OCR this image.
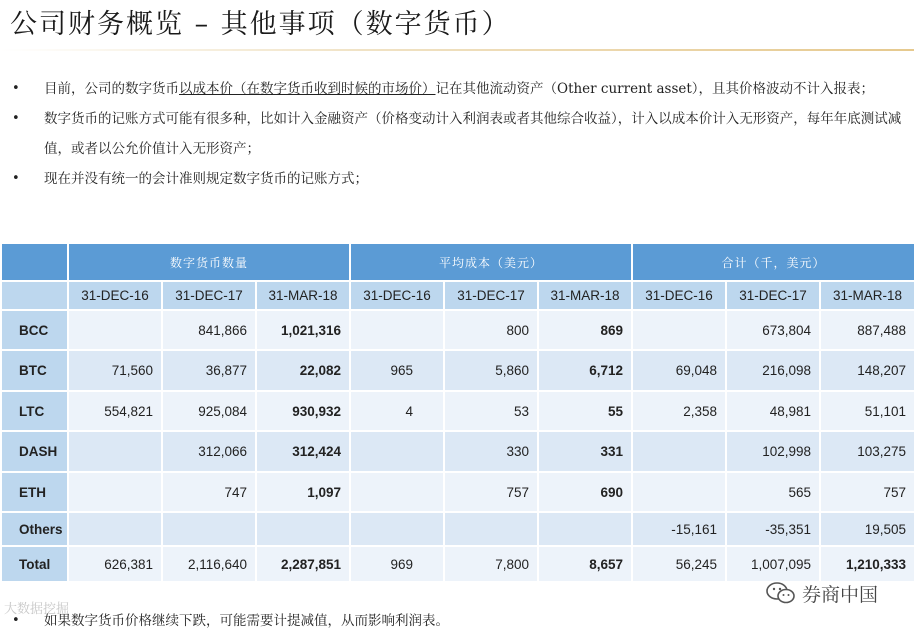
公司财务概览 – 其他事项（数字货币）
• 目前，公司的数字货币以成本价（在数字货币收到时候的市场价）记在其他流动资产（Other current asset），且其价格波动不计入报表；
• 数字货币的记账方式可能有很多种，比如计入金融资产（价格变动计入利润表或者其他综合收益），计入以成本价计入无形资产，每年年底测试减值，或者以公允价值计入无形资产；
• 现在并没有统一的会计准则规定数字货币的记账方式；
	数字货币数量			平均成本（美元）			合计（千，美元）		
	31-DEC-16	31-DEC-17	31-MAR-18	31-DEC-16	31-DEC-17	31-MAR-18	31-DEC-16	31-DEC-17	31-MAR-18
BCC		841,866	1,021,316		800	869		673,804	887,488
BTC	71,560	36,877	22,082	965	5,860	6,712	69,048	216,098	148,207
LTC	554,821	925,084	930,932	4	53	55	2,358	48,981	51,101
DASH		312,066	312,424		330	331		102,998	103,275
ETH		747	1,097		757	690		565	757
Others							-15,161	-35,351	19,505
Total	626,381	2,116,640	2,287,851	969	7,800	8,657	56,245	1,007,095	1,210,333
• 如果数字货币价格继续下跌，可能需要计提减值，从而影响利润表。
大数据挖掘
券商中国
